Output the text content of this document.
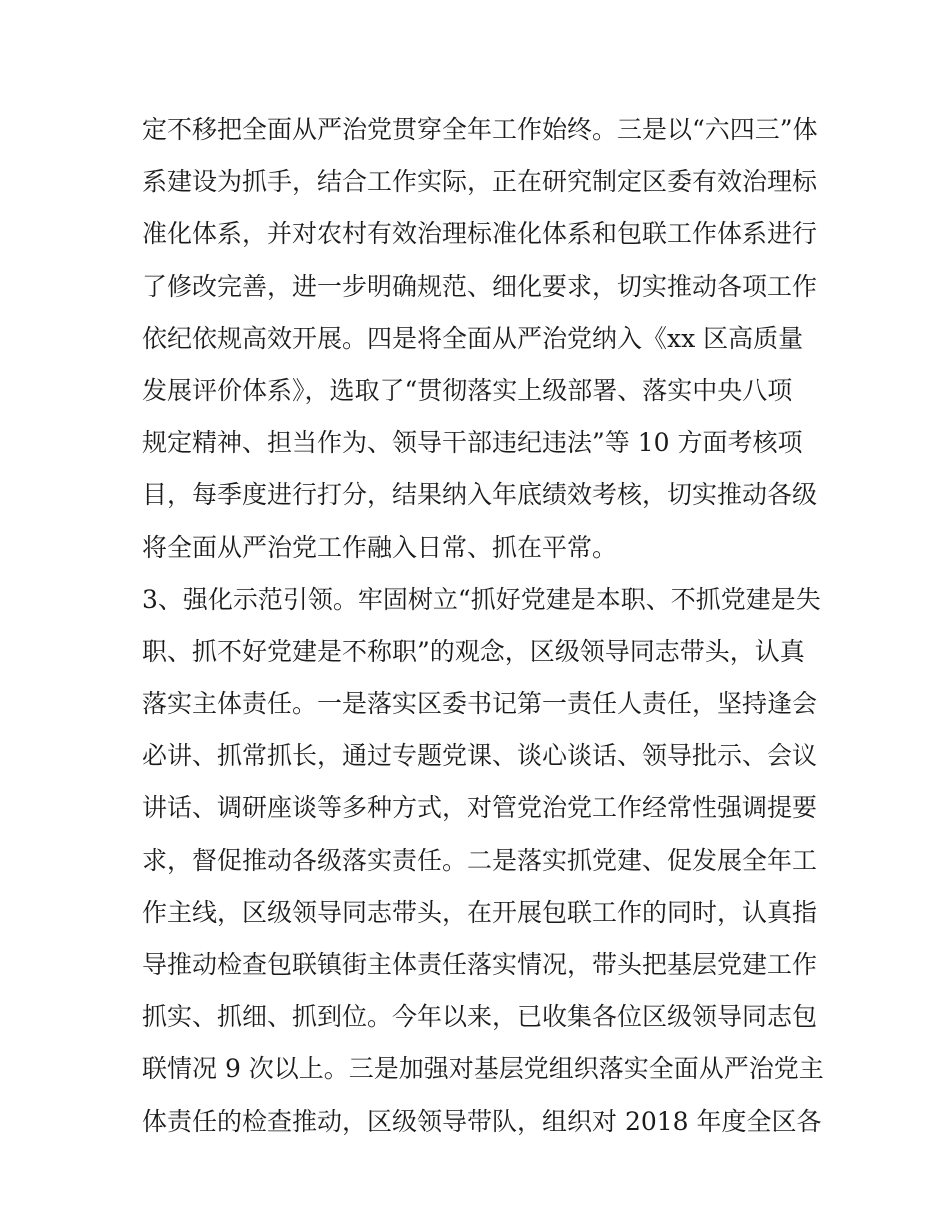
定不移把全面从严治党贯穿全年工作始终。三是以“六四三”体
系建设为抓手，结合工作实际，正在研究制定区委有效治理标
准化体系，并对农村有效治理标准化体系和包联工作体系进行
了修改完善，进一步明确规范、细化要求，切实推动各项工作
依纪依规高效开展。四是将全面从严治党纳入《xx 区高质量
发展评价体系》，选取了“贯彻落实上级部署、落实中央八项
规定精神、担当作为、领导干部违纪违法”等 10 方面考核项
目，每季度进行打分，结果纳入年底绩效考核，切实推动各级
将全面从严治党工作融入日常、抓在平常。
3、强化示范引领。牢固树立“抓好党建是本职、不抓党建是失
职、抓不好党建是不称职”的观念，区级领导同志带头，认真
落实主体责任。一是落实区委书记第一责任人责任，坚持逢会
必讲、抓常抓长，通过专题党课、谈心谈话、领导批示、会议
讲话、调研座谈等多种方式，对管党治党工作经常性强调提要
求，督促推动各级落实责任。二是落实抓党建、促发展全年工
作主线，区级领导同志带头，在开展包联工作的同时，认真指
导推动检查包联镇街主体责任落实情况，带头把基层党建工作
抓实、抓细、抓到位。今年以来，已收集各位区级领导同志包
联情况 9 次以上。三是加强对基层党组织落实全面从严治党主
体责任的检查推动，区级领导带队，组织对 2018 年度全区各
